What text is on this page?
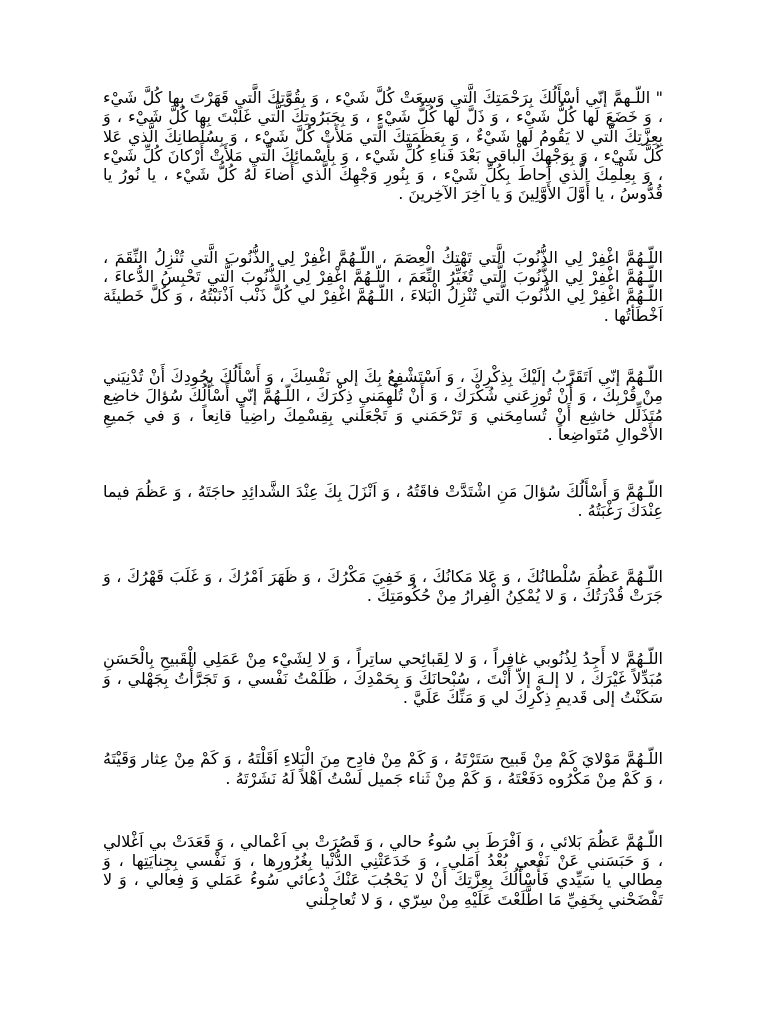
" اللّـهمَّ إنّي أسْأَلُكَ بِرَحْمَتِكَ الَّتي وَسِعَتْ كُلَّ شَيْء ، وَ بِقُوَّتِكَ الَّتي قَهَرْتَ بِها كُلَّ شَيْء ، وَ خَضَعَ لَها كُلُّ شَيْء ، وَ ذَلَّ لَها كُلُّ شَيْء ، وَ بِجَبَرُوتِكَ الَّتي غَلَبْتَ بِها كُلَّ شَيْء ، وَ بِعِزَّتِكَ الَّتي لا يَقُومُ لَها شَيْءٌ ، وَ بِعَظَمَتِكَ الَّتي مَلأَتْ كُلَّ شَيْء ، وَ بِسُلْطانِكَ الَّذي عَلا كُلَّ شَيْء ، وَ بِوَجْهِكَ الْباقي بَعْدَ فَناءِ كُلِّ شَيْء ، وَ بِأَسْمائِكَ الَّتي مَلأَتْ أَرْكانَ كُلِّ شَيْء ، وَ بِعِلْمِكَ الَّذي أَحاطَ بِكُلِّ شَيْء ، وَ بِنُورِ وَجْهِكَ الَّذي أَضاءَ لَهُ كُلُّ شَيْء ، يا نُورُ يا قُدُّوسُ ، يا أَوَّلَ الأَوَّلِينَ وَ يا آخِرَ الآخِرينَ .

اللّـهُمَّ اغْفِرْ لِي الذُّنُوبَ الَّتي تَهْتِكُ الْعِصَمَ ، اللّـهُمَّ اغْفِرْ لِي الذُّنُوبَ الَّتي تُنْزِلُ النِّقَمَ ، اللّـهُمَّ اغْفِرْ لِي الذُّنُوبَ الَّتي تُغَيِّرُ النِّعَمَ ، اللّـهُمَّ اغْفِرْ لِي الذُّنُوبَ الَّتي تَحْبِسُ الدُّعاءَ ، اللّـهُمَّ اغْفِرْ لِي الذُّنُوبَ الَّتي تُنْزِلُ الْبَلاءَ ، اللّـهُمَّ اغْفِرْ لي كُلَّ ذَنْب اَذْنَبْتُهُ ، وَ كُلَّ خَطيئَة اَخْطَأتُها .

اللّـهُمَّ إنّي اَتَقَرَّبُ إلَيْكَ بِذِكْرِكَ ، وَ اَسْتَشْفِعُ بِكَ إلى نَفْسِكَ ، وَ أَسْأَلُكَ بِجُودِكَ أَنْ تُدْنِيَني مِنْ قُرْبِكَ ، وَ أَنْ تُوزِعَني شُكْرَكَ ، وَ أَنْ تُلْهِمَني ذِكْرَكَ ، اللّـهُمَّ إنّي أَسْأَلُكَ سُؤالَ خاضِع مُتَذَلِّل خاشِع أَنْ تُسامِحَني وَ تَرْحَمَني وَ تَجْعَلَني بِقِسْمِكَ راضِياً قانِعاً ، وَ في جَميعِ الأَحْوالِ مُتَواضِعاً .

اللّـهُمَّ وَ أَسْأَلُكَ سُؤالَ مَنِ اشْتَدَّتْ فاقَتُهُ ، وَ اَنْزَلَ بِكَ عِنْدَ الشَّدائِدِ حاجَتَهُ ، وَ عَظُمَ فيما عِنْدَكَ رَغْبَتُهُ .

اللّـهُمَّ عَظُمَ سُلْطانُكَ ، وَ عَلا مَكانُكَ ، وَ خَفِيَ مَكْرُكَ ، وَ ظَهَرَ اَمْرُكَ ، وَ غَلَبَ قَهْرُكَ ، وَ جَرَتْ قُدْرَتُكَ ، وَ لا يُمْكِنُ الْفِرارُ مِنْ حُكُومَتِكَ .

اللّـهُمَّ لا أَجِدُ لِذُنُوبي غافِراً ، وَ لا لِقَبائِحي ساتِراً ، وَ لا لِشَيْء مِنْ عَمَلِي الْقَبيحِ بِالْحَسَنِ مُبَدِّلاً غَيْرَكَ ، لا إلـهَ إلاّ أَنْتَ ، سُبْحانَكَ وَ بِحَمْدِكَ ، ظَلَمْتُ نَفْسي ، وَ تَجَرَّأْتُ بِجَهْلي ، وَ سَكَنْتُ إلى قَديمِ ذِكْرِكَ لي وَ مَنِّكَ عَلَيَّ .

اللّـهُمَّ مَوْلايَ كَمْ مِنْ قَبيح سَتَرْتَهُ ، وَ كَمْ مِنْ فادِح مِنَ الْبَلاءِ اَقَلْتَهُ ، وَ كَمْ مِنْ عِثار وَقَيْتَهُ ، وَ كَمْ مِنْ مَكْرُوه دَفَعْتَهُ ، وَ كَمْ مِنْ ثَناء جَميل لَسْتُ اَهْلاً لَهُ نَشَرْتَهُ .

اللّـهُمَّ عَظُمَ بَلائي ، وَ اَفْرَطَ بي سُوءُ حالي ، وَ قَصُرَتْ بي اَعْمالي ، وَ قَعَدَتْ بي اَغْلالي ، وَ حَبَسَني عَنْ نَفْعي بُعْدُ اَمَلي ، وَ خَدَعَتْنِي الدُّنْيا بِغُرُورِها ، وَ نَفْسي بِجِنايَتِها ، وَ مِطالي يا سَيِّدي فَأَسْأَلُكَ بِعِزَّتِكَ أَنْ لا يَحْجُبَ عَنْكَ دُعائي سُوءُ عَمَلي وَ فِعالي ، وَ لا تَفْضَحْني بِخَفِيِّ مَا اطَّلَعْتَ عَلَيْهِ مِنْ سِرّي ، وَ لا تُعاجِلْني
